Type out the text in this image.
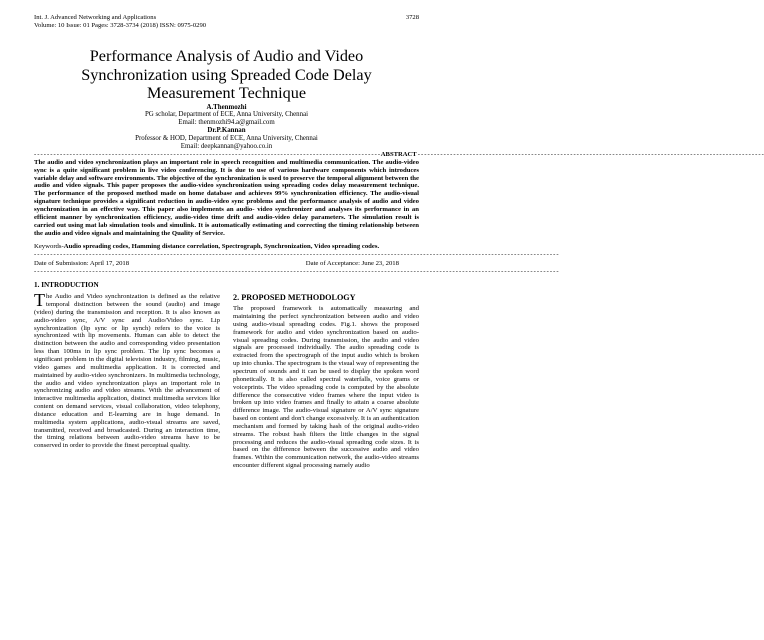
Int. J. Advanced Networking and Applications
Volume: 10 Issue: 01 Pages: 3728-3734 (2018) ISSN: 0975-0290
3728
Performance Analysis of Audio and Video
Synchronization using Spreaded Code Delay
Measurement Technique
A.Thenmozhi
PG scholar, Department of ECE, Anna University, Chennai
Email: thenmozhi94.a@gmail.com
Dr.P.Kannan
Professor & HOD, Department of ECE, Anna University, Chennai
Email: deepkannan@yahoo.co.in
- - - - - - - - - - - - - - - - - - - - - - - - - - - - - - - - - - - - - - - - - - - - - - - - - - - - - - - - - - - - - - - - - - - - - - - - - - - - - - - - - - - - - - - - - - - - - - - - - - - - - - - - - - - ABSTRACT - - - - - - - - - - - - - - - - - - - - - - - - - - - - - - - - - - - - - - - - - - - - - - - - - - - - - - - - - - - - - - - - - - - - - - - - - - - - - - - - - - - - - - - - - - - - - - - - - - - - - - - - - - -
The audio and video synchronization plays an important role in speech recognition and multimedia communication. The audio-video sync is a quite significant problem in live video conferencing. It is due to use of various hardware components which introduces variable delay and software environments. The objective of the synchronization is used to preserve the temporal alignment between the audio and video signals. This paper proposes the audio-video synchronization using spreading codes delay measurement technique. The performance of the proposed method made on home database and achieves 99% synchronization efficiency. The audio-visual signature technique provides a significant reduction in audio-video sync problems and the performance analysis of audio and video synchronization in an effective way. This paper also implements an audio- video synchronizer and analyses its performance in an efficient manner by synchronization efficiency, audio-video time drift and audio-video delay parameters. The simulation result is carried out using mat lab simulation tools and simulink. It is automatically estimating and correcting the timing relationship between the audio and video signals and maintaining the Quality of Service.
Keywords-Audio spreading codes, Hamming distance correlation, Spectrograph, Synchronization, Video spreading codes.
- - - - - - - - - - - - - - - - - - - - - - - - - - - - - - - - - - - - - - - - - - - - - - - - - - - - - - - - - - - - - - - - - - - - - - - - - - - - - - - - - - - - - - - - - - - - - - - - - - - - - - - - - - - - - - - - - - - - - - - - - - - - - - - - - - - - - - - - - - - - - - - - - - - - - - - - - - - - - - - - - -
Date of Submission: April 17, 2018	Date of Acceptance: June 23, 2018
- - - - - - - - - - - - - - - - - - - - - - - - - - - - - - - - - - - - - - - - - - - - - - - - - - - - - - - - - - - - - - - - - - - - - - - - - - - - - - - - - - - - - - - - - - - - - - - - - - - - - - - - - - - - - - - - - - - - - - - - - - - - - - - - - - - - - - - - - - - - - - - - - - - - - - - - - - - - - - - - - -
1. INTRODUCTION
The Audio and Video synchronization is defined as the relative temporal distinction between the sound (audio) and image (video) during the transmission and reception. It is also known as audio-video sync, A/V sync and Audio/Video sync. Lip synchronization (lip sync or lip synch) refers to the voice is synchronized with lip movements. Human can able to detect the distinction between the audio and corresponding video presentation less than 100ms in lip sync problem. The lip sync becomes a significant problem in the digital television industry, filming, music, video games and multimedia application. It is corrected and maintained by audio-video synchronizers. In multimedia technology, the audio and video synchronization plays an important role in synchronizing audio and video streams. With the advancement of interactive multimedia application, distinct multimedia services like content on demand services, visual collaboration, video telephony, distance education and E-learning are in huge demand. In multimedia system applications, audio-visual streams are saved, transmitted, received and broadcasted. During an interaction time, the timing relations between audio-video streams have to be conserved in order to provide the finest perceptual quality.
2. PROPOSED METHODOLOGY
The proposed framework is automatically measuring and maintaining the perfect synchronization between audio and video using audio-visual spreading codes. Fig.1. shows the proposed framework for audio and video synchronization based on audio-visual spreading codes. During transmission, the audio and video signals are processed individually. The audio spreading code is extracted from the spectrograph of the input audio which is broken up into chunks. The spectrogram is the visual way of representing the spectrum of sounds and it can be used to display the spoken word phonetically. It is also called spectral waterfalls, voice grams or voiceprints. The video spreading code is computed by the absolute difference the consecutive video frames where the input video is broken up into video frames and finally to attain a coarse absolute difference image. The audio-visual signature or A/V sync signature based on content and don't change excessively. It is an authentication mechanism and formed by taking hash of the original audio-video streams. The robust hash filters the little changes in the signal processing and reduces the audio-visual spreading code sizes. It is based on the difference between the successive audio and video frames. Within the communication network, the audio-video streams encounter different signal processing namely audio
